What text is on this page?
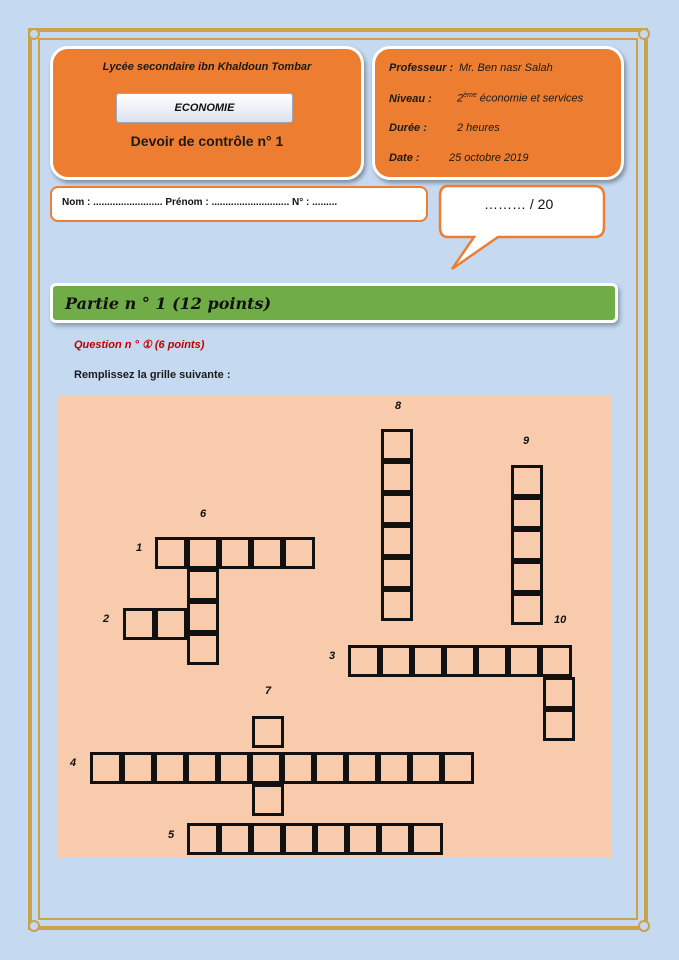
Lycée secondaire ibn Khaldoun Tombar
ECONOMIE
Devoir de contrôle n° 1
Professeur : Mr. Ben nasr Salah
Niveau : 2ème économie et services
Durée :	2 heures
Date :	25 octobre 2019
Nom : ......................... Prénom : ............................ N° : .........	……… / 20
Partie n ° 1 (12 points)
Question n ° ① (6 points)
Remplissez la grille suivante :
1
2
3
4
5
6
7
8
9
10
